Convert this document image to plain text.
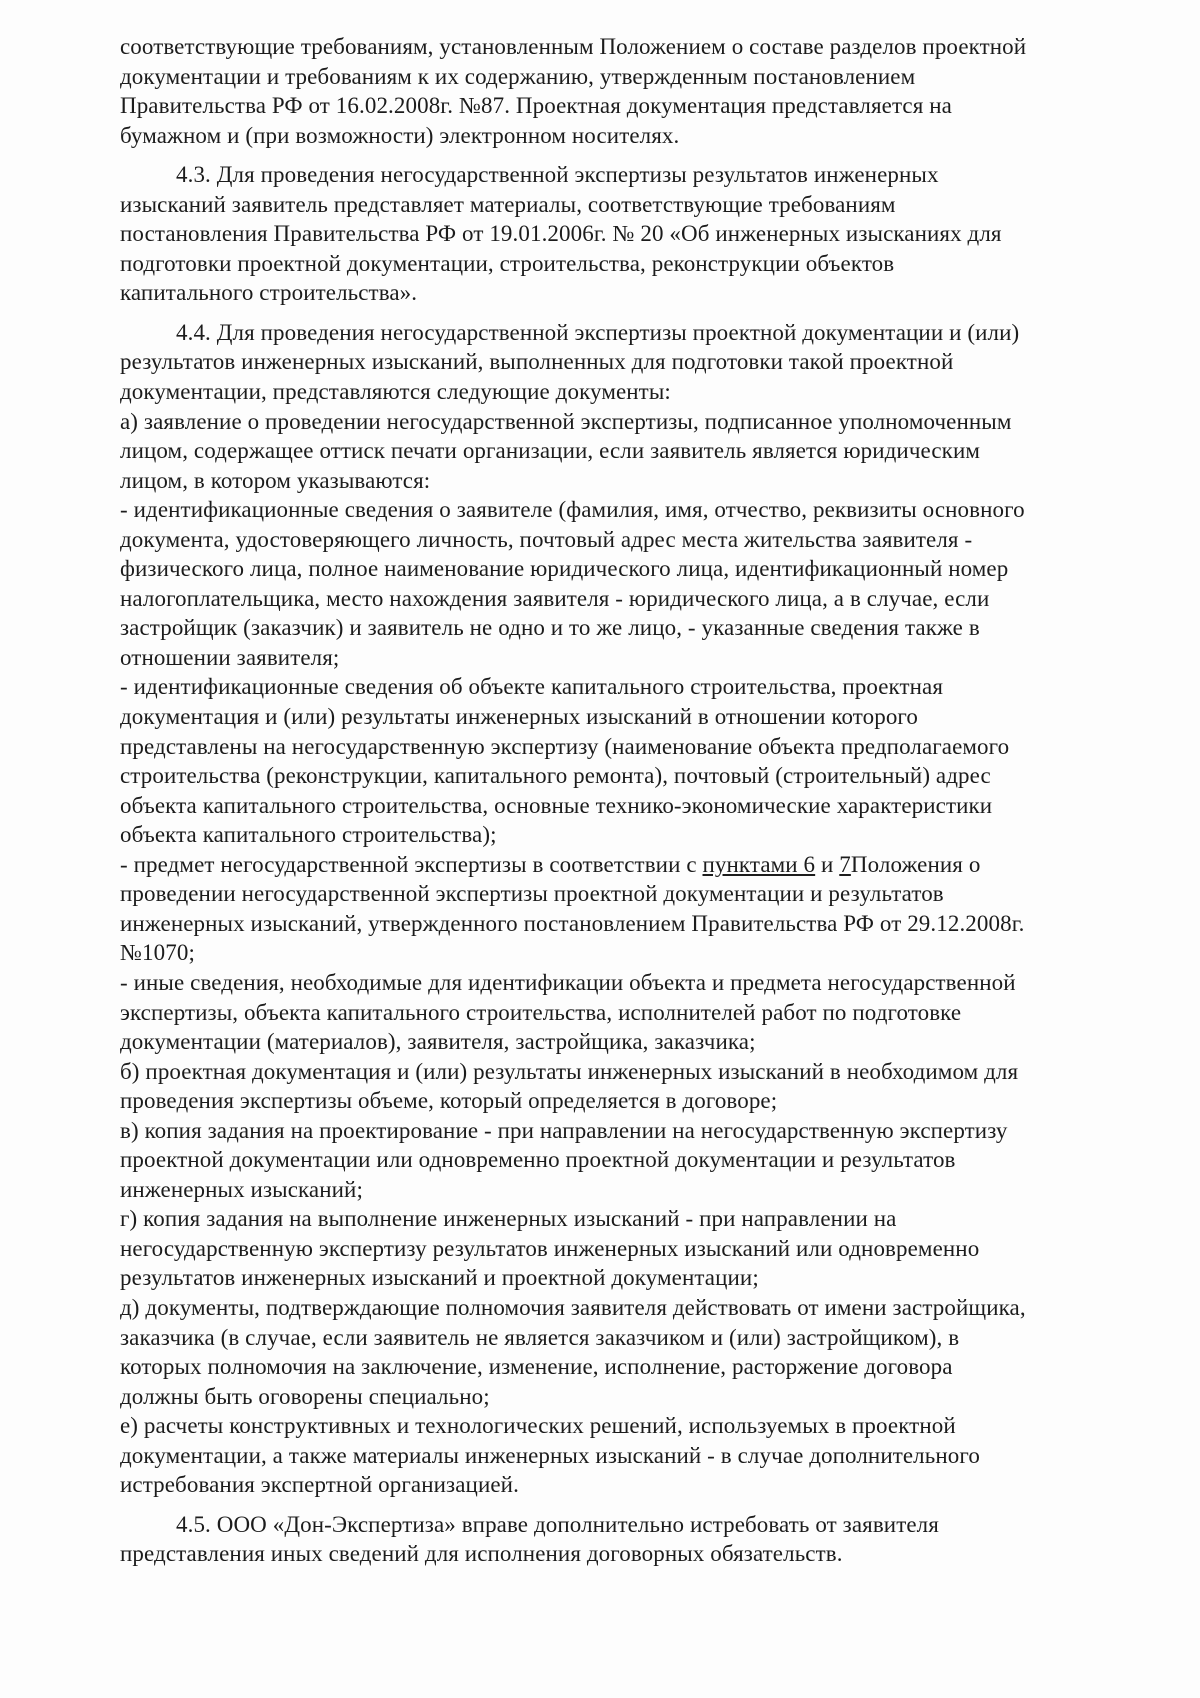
соответствующие требованиям, установленным Положением о составе разделов проектной
документации и требованиям к их содержанию, утвержденным постановлением
Правительства РФ от 16.02.2008г. №87. Проектная документация представляется на
бумажном и (при возможности) электронном носителях.
4.3. Для проведения негосударственной экспертизы результатов инженерных
изысканий заявитель представляет материалы, соответствующие требованиям
постановления Правительства РФ от 19.01.2006г. № 20 «Об инженерных изысканиях для
подготовки проектной документации, строительства, реконструкции объектов
капитального строительства».
4.4. Для проведения негосударственной экспертизы проектной документации и (или)
результатов инженерных изысканий, выполненных для подготовки такой проектной
документации, представляются следующие документы:
а) заявление о проведении негосударственной экспертизы, подписанное уполномоченным
лицом, содержащее оттиск печати организации, если заявитель является юридическим
лицом, в котором указываются:
- идентификационные сведения о заявителе (фамилия, имя, отчество, реквизиты основного
документа, удостоверяющего личность, почтовый адрес места жительства заявителя -
физического лица, полное наименование юридического лица, идентификационный номер
налогоплательщика, место нахождения заявителя - юридического лица, а в случае, если
застройщик (заказчик) и заявитель не одно и то же лицо, - указанные сведения также в
отношении заявителя;
- идентификационные сведения об объекте капитального строительства, проектная
документация и (или) результаты инженерных изысканий в отношении которого
представлены на негосударственную экспертизу (наименование объекта предполагаемого
строительства (реконструкции, капитального ремонта), почтовый (строительный) адрес
объекта капитального строительства, основные технико-экономические характеристики
объекта капитального строительства);
- предмет негосударственной экспертизы в соответствии с пунктами 6 и 7Положения о
проведении негосударственной экспертизы проектной документации и результатов
инженерных изысканий, утвержденного постановлением Правительства РФ от 29.12.2008г.
№1070;
- иные сведения, необходимые для идентификации объекта и предмета негосударственной
экспертизы, объекта капитального строительства, исполнителей работ по подготовке
документации (материалов), заявителя, застройщика, заказчика;
б) проектная документация и (или) результаты инженерных изысканий в необходимом для
проведения экспертизы объеме, который определяется в договоре;
в) копия задания на проектирование - при направлении на негосударственную экспертизу
проектной документации или одновременно проектной документации и результатов
инженерных изысканий;
г) копия задания на выполнение инженерных изысканий - при направлении на
негосударственную экспертизу результатов инженерных изысканий или одновременно
результатов инженерных изысканий и проектной документации;
д) документы, подтверждающие полномочия заявителя действовать от имени застройщика,
заказчика (в случае, если заявитель не является заказчиком и (или) застройщиком), в
которых полномочия на заключение, изменение, исполнение, расторжение договора
должны быть оговорены специально;
е) расчеты конструктивных и технологических решений, используемых в проектной
документации, а также материалы инженерных изысканий - в случае дополнительного
истребования экспертной организацией.
4.5. ООО «Дон-Экспертиза» вправе дополнительно истребовать от заявителя
представления иных сведений для исполнения договорных обязательств.
